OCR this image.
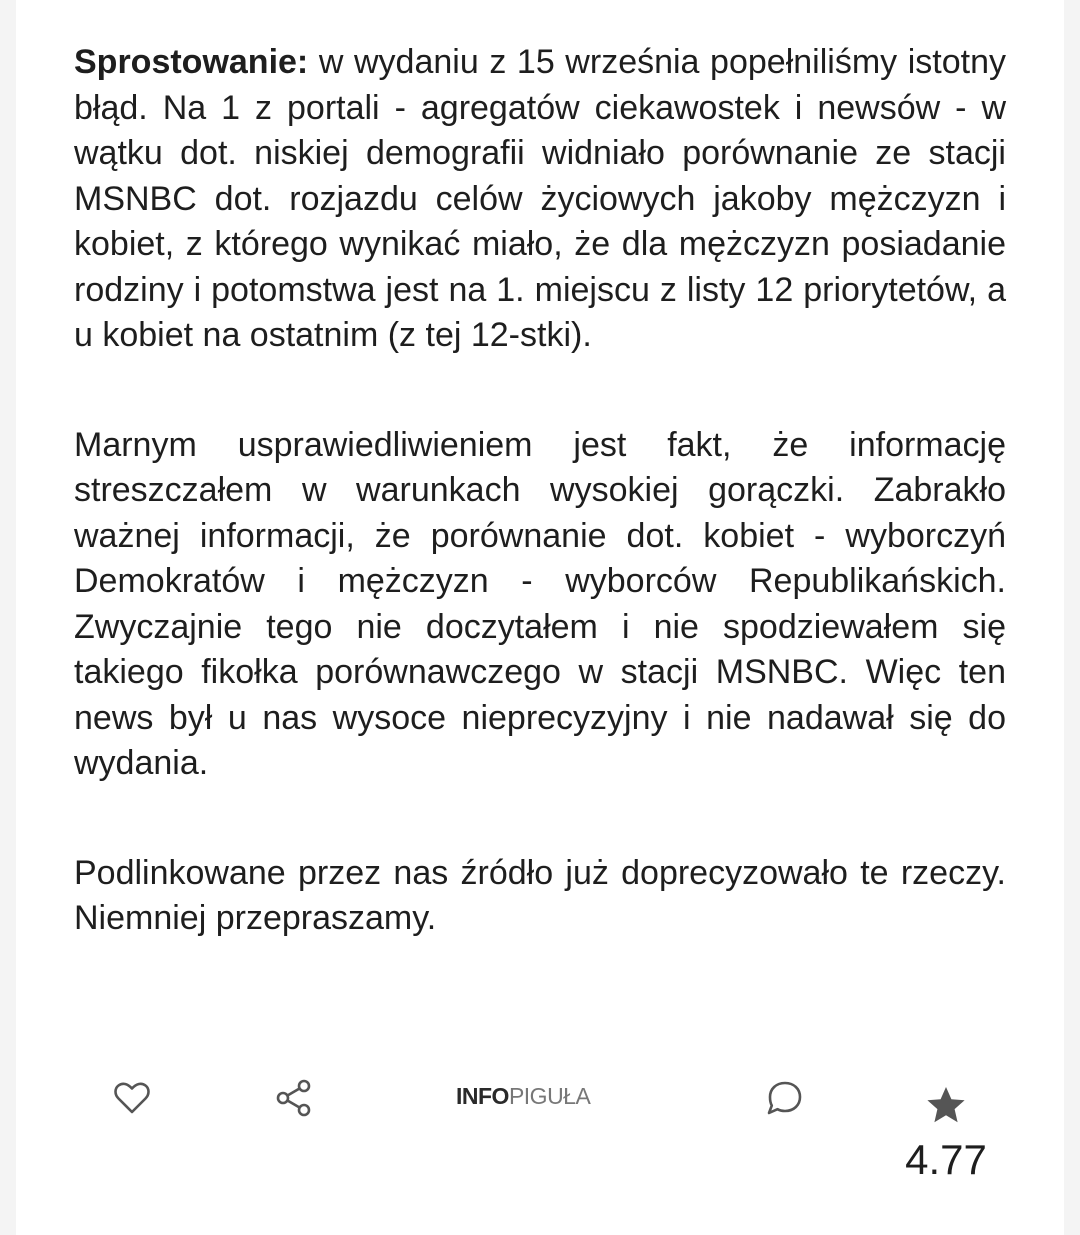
Sprostowanie: w wydaniu z 15 września popełniliśmy istotny błąd. Na 1 z portali - agregatów ciekawostek i newsów - w wątku dot. niskiej demografii widniało porównanie ze stacji MSNBC dot. rozjazdu celów życiowych jakoby mężczyzn i kobiet, z którego wynikać miało, że dla mężczyzn posiadanie rodziny i potomstwa jest na 1. miejscu z listy 12 priorytetów, a u kobiet na ostatnim (z tej 12-stki).

Marnym usprawiedliwieniem jest fakt, że informację streszczałem w warunkach wysokiej gorączki. Zabrakło ważnej informacji, że porównanie dot. kobiet - wyborczyń Demokratów i mężczyzn - wyborców Republikańskich. Zwyczajnie tego nie doczytałem i nie spodziewałem się takiego fikołka porównawczego w stacji MSNBC. Więc ten news był u nas wysoce nieprecyzyjny i nie nadawał się do wydania.

Podlinkowane przez nas źródło już doprecyzowało te rzeczy. Niemniej przepraszamy.

INFO PIGUŁA
4.77
